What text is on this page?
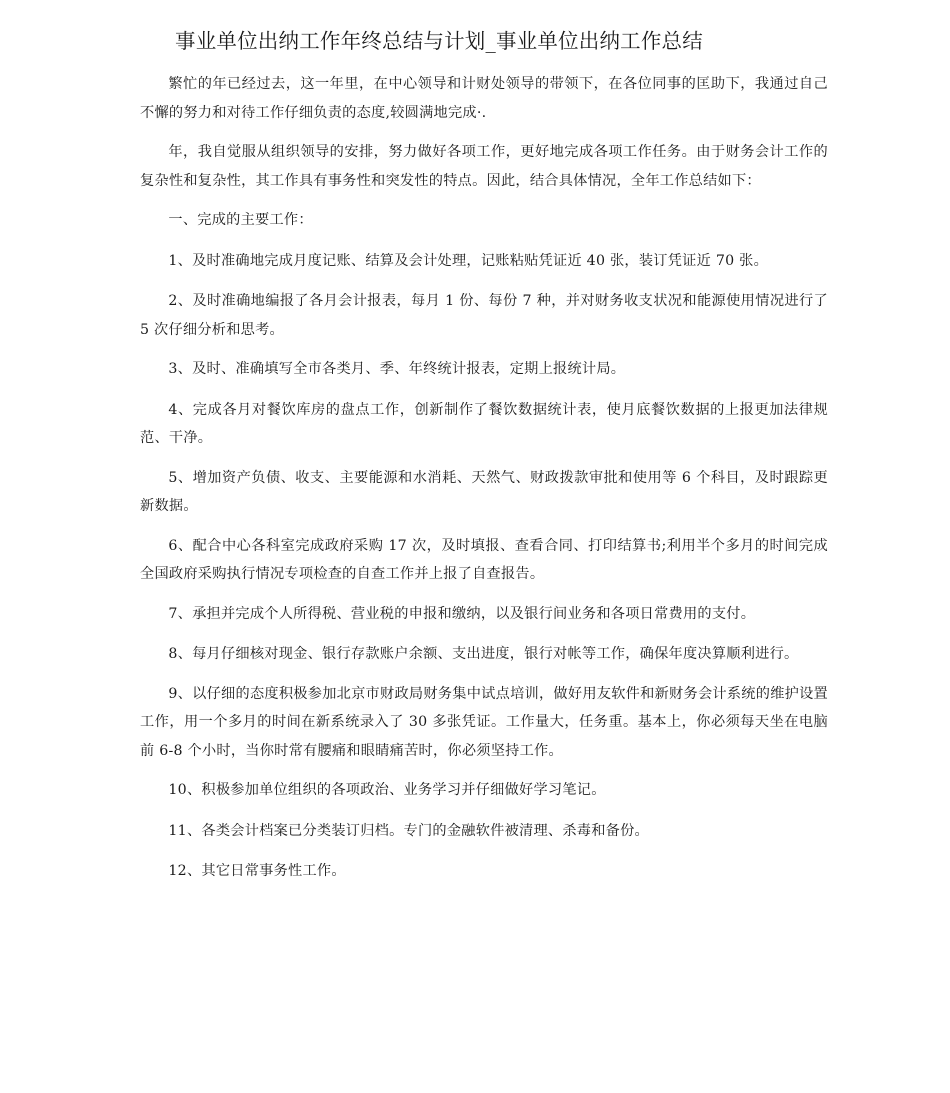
事业单位出纳工作年终总结与计划_事业单位出纳工作总结

繁忙的年已经过去，这一年里，在中心领导和计财处领导的带领下，在各位同事的匡助下，我通过自己不懈的努力和对待工作仔细负责的态度,较圆满地完成·.

年，我自觉服从组织领导的安排，努力做好各项工作，更好地完成各项工作任务。由于财务会计工作的复杂性和复杂性，其工作具有事务性和突发性的特点。因此，结合具体情况，全年工作总结如下：

一、完成的主要工作：

1、及时准确地完成月度记账、结算及会计处理，记账粘贴凭证近 40 张，装订凭证近 70 张。

2、及时准确地编报了各月会计报表，每月 1 份、每份 7 种，并对财务收支状况和能源使用情况进行了 5 次仔细分析和思考。

3、及时、准确填写全市各类月、季、年终统计报表，定期上报统计局。

4、完成各月对餐饮库房的盘点工作，创新制作了餐饮数据统计表，使月底餐饮数据的上报更加法律规范、干净。

5、增加资产负债、收支、主要能源和水消耗、天然气、财政拨款审批和使用等 6 个科目，及时跟踪更新数据。

6、配合中心各科室完成政府采购 17 次，及时填报、查看合同、打印结算书;利用半个多月的时间完成全国政府采购执行情况专项检查的自查工作并上报了自查报告。

7、承担并完成个人所得税、营业税的申报和缴纳，以及银行间业务和各项日常费用的支付。

8、每月仔细核对现金、银行存款账户余额、支出进度，银行对帐等工作，确保年度决算顺利进行。

9、以仔细的态度积极参加北京市财政局财务集中试点培训，做好用友软件和新财务会计系统的维护设置工作，用一个多月的时间在新系统录入了 30 多张凭证。工作量大，任务重。基本上，你必须每天坐在电脑前 6-8 个小时，当你时常有腰痛和眼睛痛苦时，你必须坚持工作。

10、积极参加单位组织的各项政治、业务学习并仔细做好学习笔记。

11、各类会计档案已分类装订归档。专门的金融软件被清理、杀毒和备份。

12、其它日常事务性工作。
